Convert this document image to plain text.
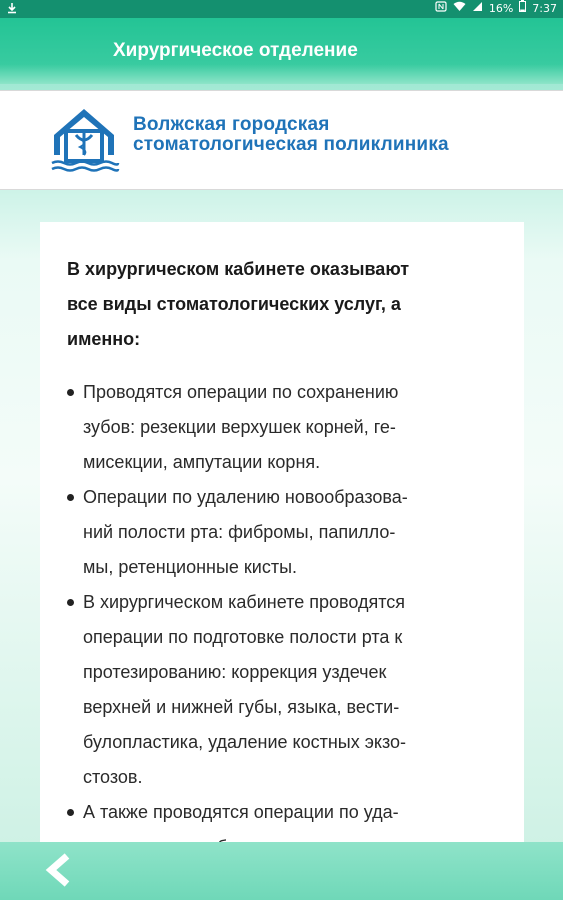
16% 7:37
Хирургическое отделение
Волжская городская
стоматологическая поликлиника
В хирургическом кабинете оказывают
все виды стоматологических услуг, а
именно:
Проводятся операции по сохранению
зубов: резекции верхушек корней, ге-
мисекции, ампутации корня.
Операции по удалению новообразова-
ний полости рта: фибромы, папилло-
мы, ретенционные кисты.
В хирургическом кабинете проводятся
операции по подготовке полости рта к
протезированию: коррекция уздечек
верхней и нижней губы, языка, вести-
булопластика, удаление костных экзо-
стозов.
А также проводятся операции по уда-
